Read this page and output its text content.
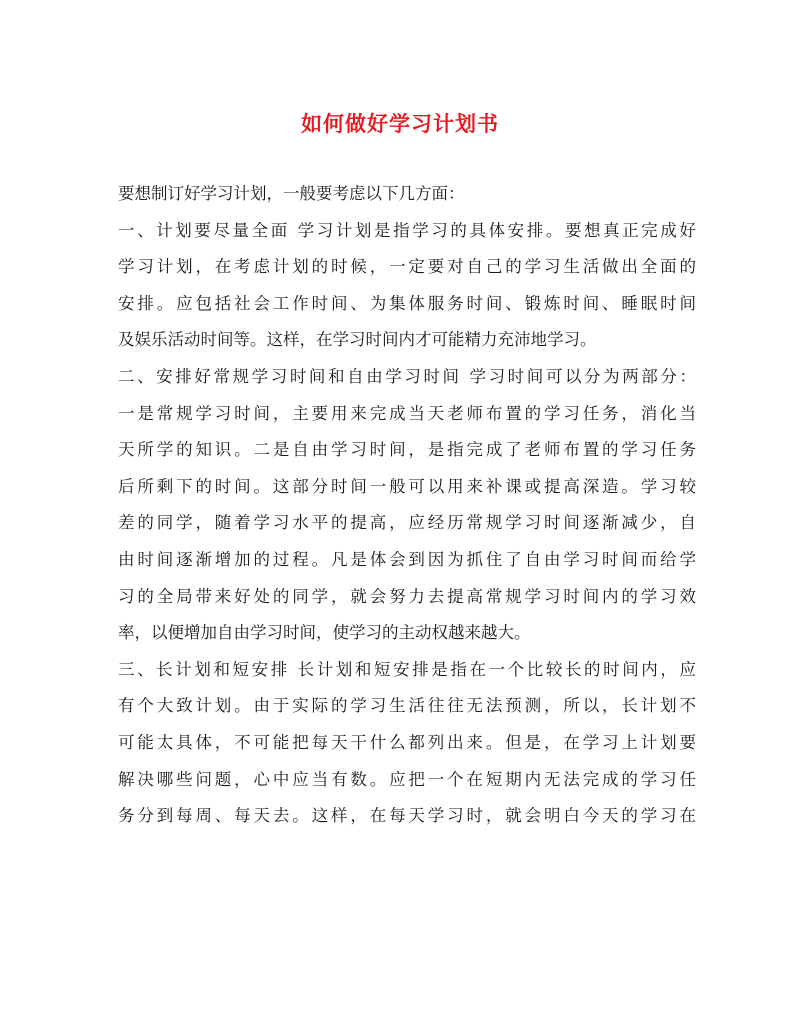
如何做好学习计划书
要想制订好学习计划，一般要考虑以下几方面：
一、计划要尽量全面 学习计划是指学习的具体安排。要想真正完成好
学习计划，在考虑计划的时候，一定要对自己的学习生活做出全面的
安排。应包括社会工作时间、为集体服务时间、锻炼时间、睡眠时间
及娱乐活动时间等。这样，在学习时间内才可能精力充沛地学习。
二、安排好常规学习时间和自由学习时间 学习时间可以分为两部分：
一是常规学习时间，主要用来完成当天老师布置的学习任务，消化当
天所学的知识。二是自由学习时间，是指完成了老师布置的学习任务
后所剩下的时间。这部分时间一般可以用来补课或提高深造。学习较
差的同学，随着学习水平的提高，应经历常规学习时间逐渐减少，自
由时间逐渐增加的过程。凡是体会到因为抓住了自由学习时间而给学
习的全局带来好处的同学，就会努力去提高常规学习时间内的学习效
率，以便增加自由学习时间，使学习的主动权越来越大。
三、长计划和短安排 长计划和短安排是指在一个比较长的时间内，应
有个大致计划。由于实际的学习生活往往无法预测，所以，长计划不
可能太具体，不可能把每天干什么都列出来。但是，在学习上计划要
解决哪些问题，心中应当有数。应把一个在短期内无法完成的学习任
务分到每周、每天去。这样，在每天学习时，就会明白今天的学习在
